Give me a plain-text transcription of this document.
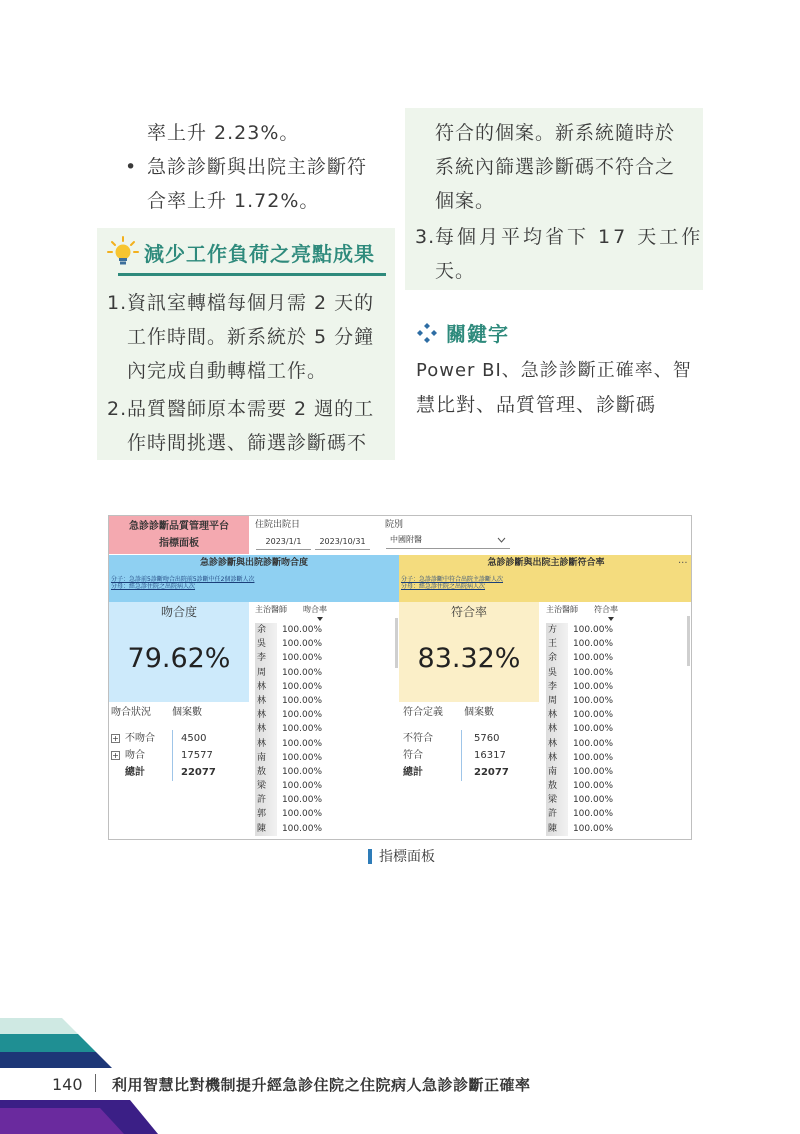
率上升 2.23%。
• 急診診斷與出院主診斷符
合率上升 1.72%。
減少工作負荷之亮點成果
1. 資訊室轉檔每個月需 2 天的
工作時間。新系統於 5 分鐘
內完成自動轉檔工作。
2. 品質醫師原本需要 2 週的工
作時間挑選、篩選診斷碼不
符合的個案。新系統隨時於
系統內篩選診斷碼不符合之
個案。
3. 每個月平均省下 17 天工作
天。
關鍵字
Power BI、急診診斷正確率、智
慧比對、品質管理、診斷碼
急診診斷品質管理平台
指標面板
住院出院日
2023/1/1	2023/10/31
院別
中國附醫
急診診斷與出院診斷吻合度
分子：急診前5診斷吻合出院前5診斷中任2個診斷人次
分母：經急診住院之出院病人次
急診診斷與出院主診斷符合率	···
分子：急診診斷中符合出院主診斷人次
分母：經急診住院之出院病人次
吻合度
79.62%
主治醫師	吻合率
余	100.00%
吳	100.00%
李	100.00%
周	100.00%
林	100.00%
林	100.00%
林	100.00%
林	100.00%
林	100.00%
南	100.00%
敖	100.00%
梁	100.00%
許	100.00%
郭	100.00%
陳	100.00%
吻合狀況	個案數
+ 不吻合	4500
+ 吻合	17577
總計	22077
符合率
83.32%
主治醫師	符合率
方	100.00%
王	100.00%
余	100.00%
吳	100.00%
李	100.00%
周	100.00%
林	100.00%
林	100.00%
林	100.00%
林	100.00%
南	100.00%
敖	100.00%
梁	100.00%
許	100.00%
陳	100.00%
符合定義	個案數
不符合	5760
符合	16317
總計	22077
指標面板
140 利用智慧比對機制提升經急診住院之住院病人急診診斷正確率
